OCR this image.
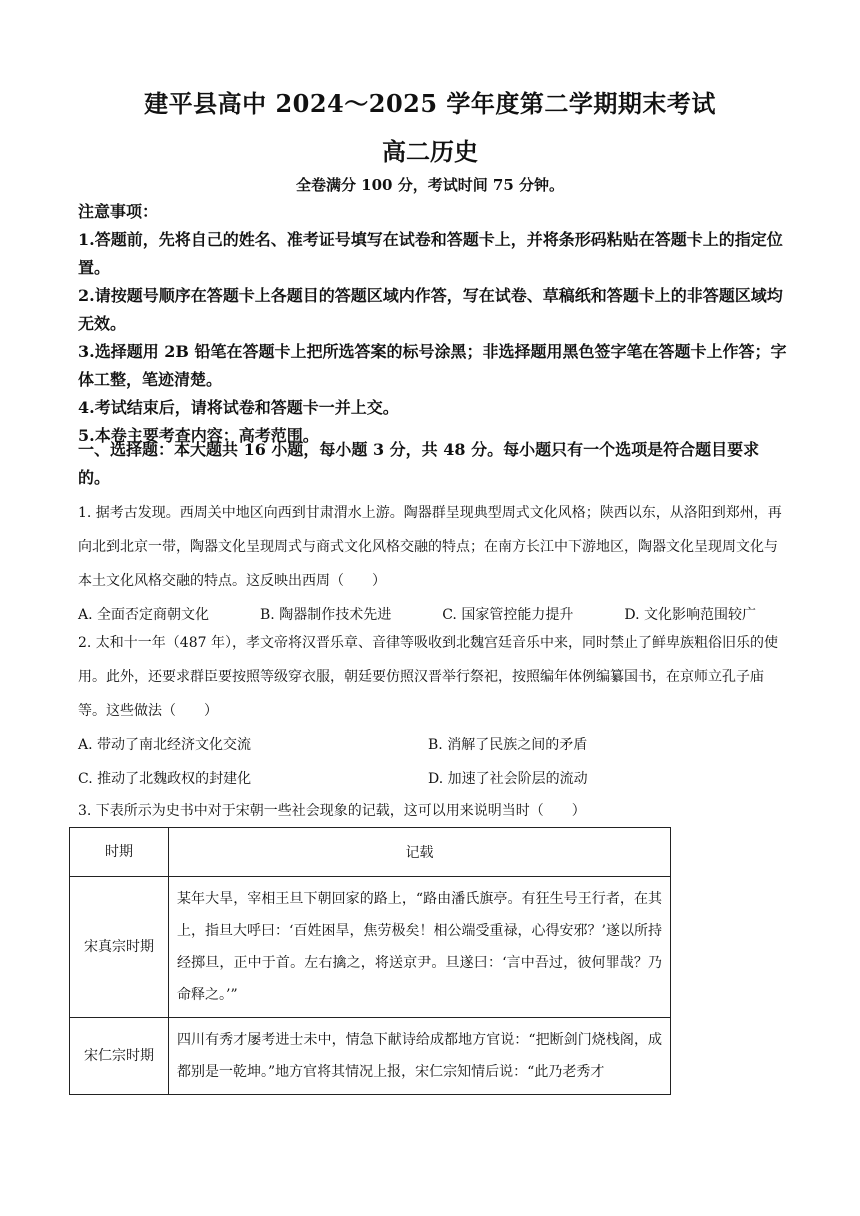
建平县高中 2024～2025 学年度第二学期期末考试
高二历史
全卷满分 100 分，考试时间 75 分钟。

注意事项：

1.答题前，先将自己的姓名、准考证号填写在试卷和答题卡上，并将条形码粘贴在答题卡上的指定位置。

2.请按题号顺序在答题卡上各题目的答题区域内作答，写在试卷、草稿纸和答题卡上的非答题区域均无效。

3.选择题用 2B 铅笔在答题卡上把所选答案的标号涂黑；非选择题用黑色签字笔在答题卡上作答；字体工整，笔迹清楚。

4.考试结束后，请将试卷和答题卡一并上交。

5.本卷主要考查内容：高考范围。

一、选择题：本大题共 16 小题，每小题 3 分，共 48 分。每小题只有一个选项是符合题目要求的。

1. 据考古发现。西周关中地区向西到甘肃渭水上游。陶器群呈现典型周式文化风格；陕西以东，从洛阳到郑州，再向北到北京一带，陶器文化呈现周式与商式文化风格交融的特点；在南方长江中下游地区，陶器文化呈现周文化与本土文化风格交融的特点。这反映出西周（　　）

A. 全面否定商朝文化	B. 陶器制作技术先进	C. 国家管控能力提升	D. 文化影响范围较广

2. 太和十一年（487 年），孝文帝将汉晋乐章、音律等吸收到北魏宫廷音乐中来，同时禁止了鲜卑族粗俗旧乐的使用。此外，还要求群臣要按照等级穿衣服，朝廷要仿照汉晋举行祭祀，按照编年体例编纂国书，在京师立孔子庙等。这些做法（　　）

A. 带动了南北经济文化交流	B. 消解了民族之间的矛盾
C. 推动了北魏政权的封建化	D. 加速了社会阶层的流动

3. 下表所示为史书中对于宋朝一些社会现象的记载，这可以用来说明当时（　　）

时期	记载
宋真宗时期	某年大旱，宰相王旦下朝回家的路上，“路由潘氏旗亭。有狂生号王行者，在其上，指旦大呼曰：‘百姓困旱，焦劳极矣！相公端受重禄，心得安邪？’遂以所持经掷旦，正中于首。左右擒之，将送京尹。旦遂曰：‘言中吾过，彼何罪哉？乃命释之。’”
宋仁宗时期	四川有秀才屡考进士未中，情急下献诗给成都地方官说：“把断剑门烧栈阁，成都别是一乾坤。”地方官将其情况上报，宋仁宗知情后说：“此乃老秀才
